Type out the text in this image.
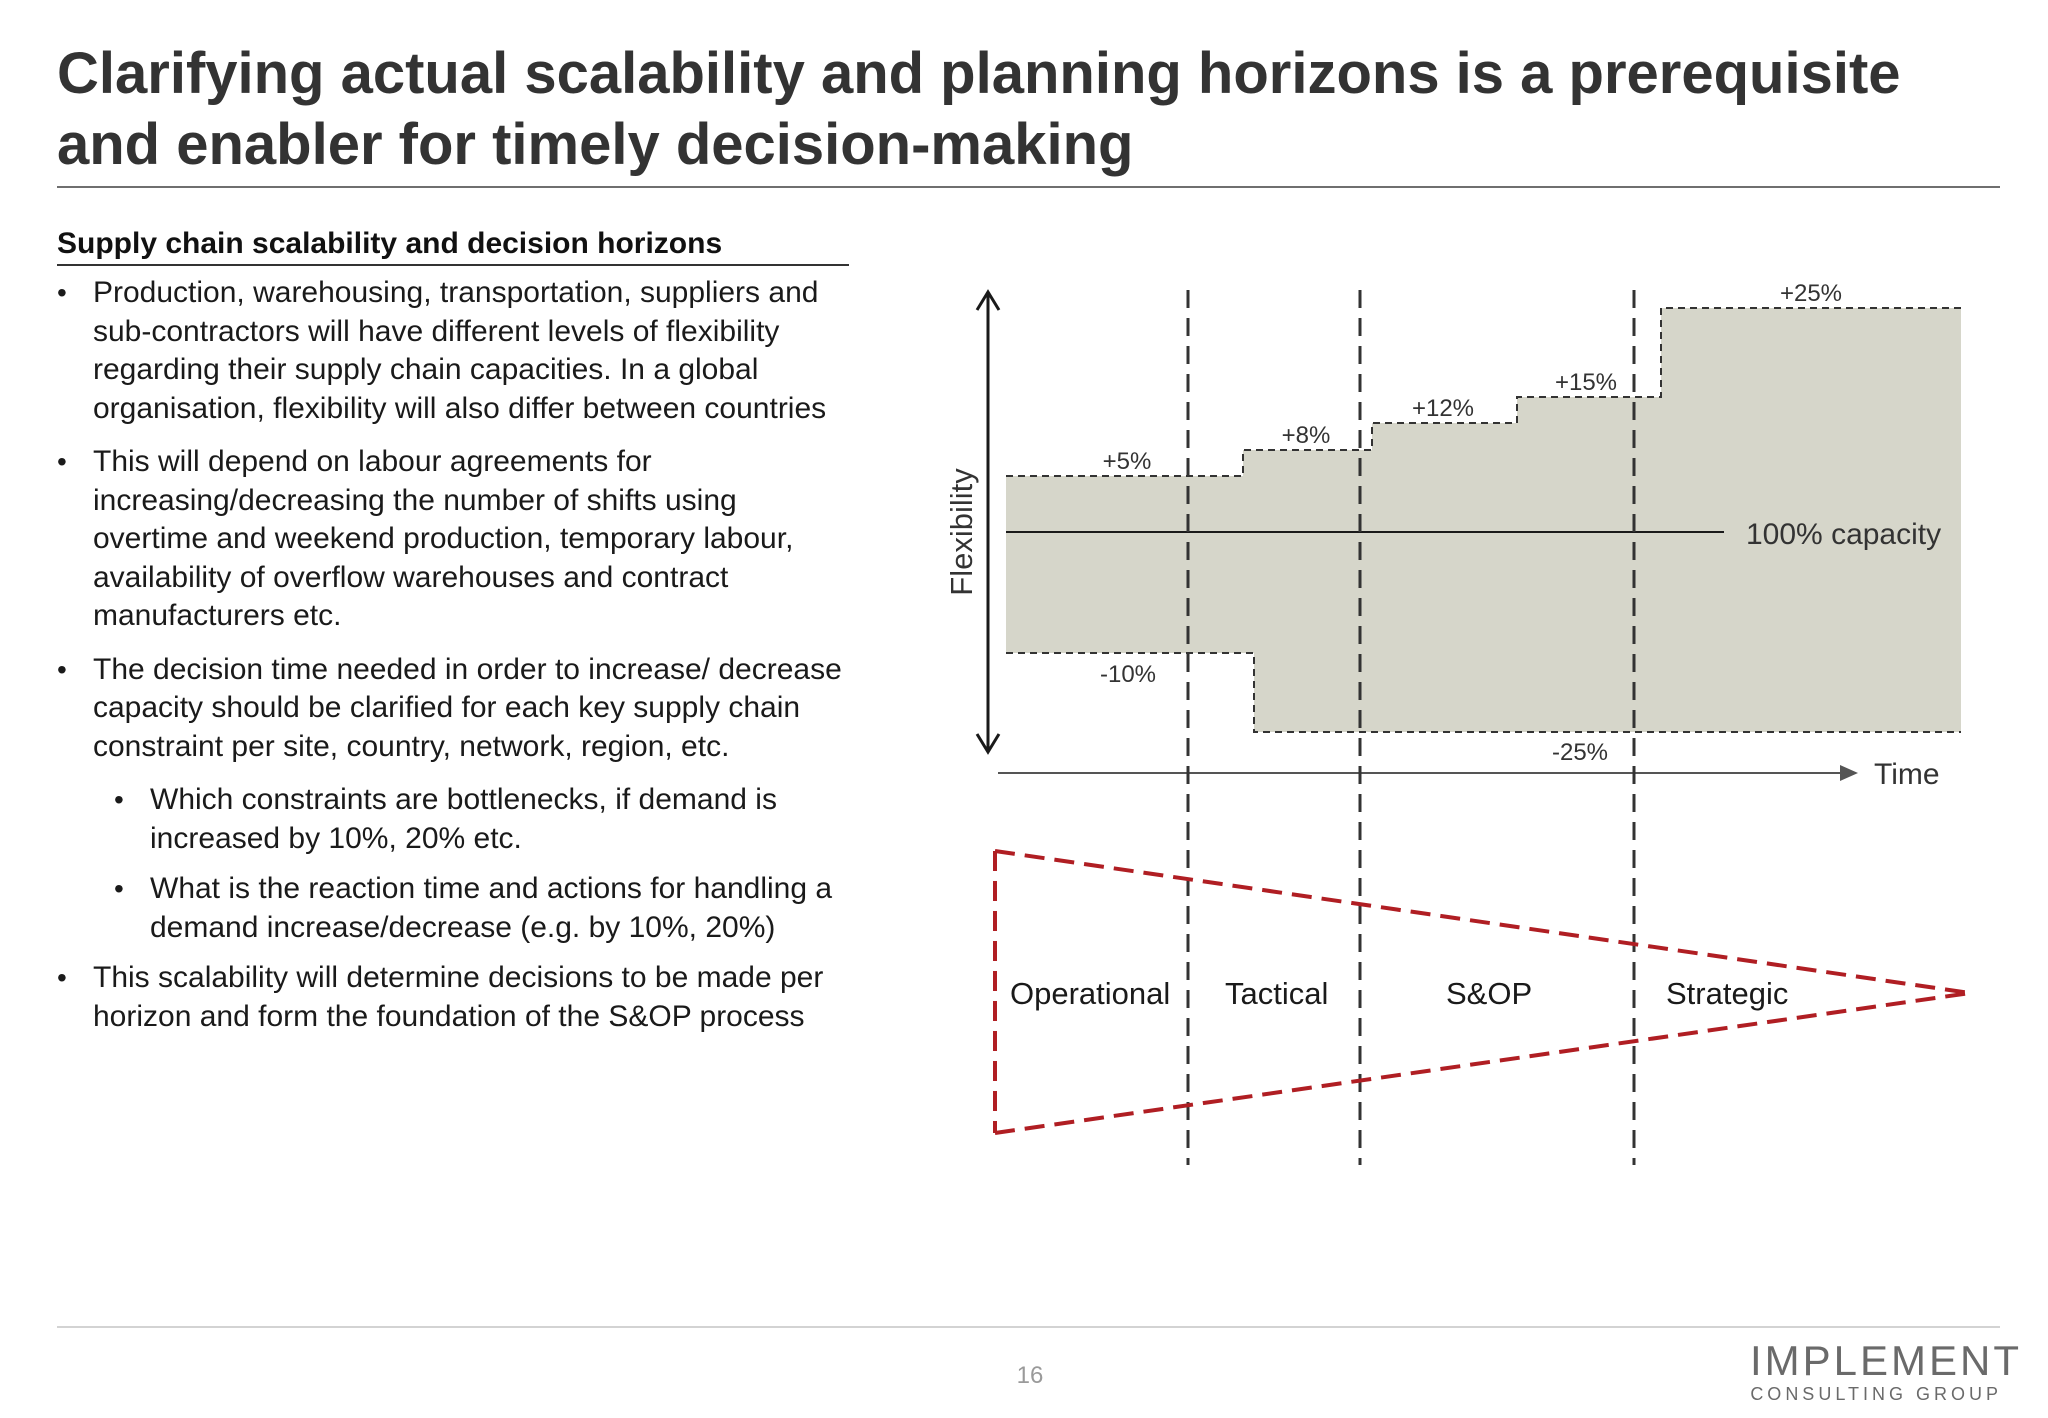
Clarifying actual scalability and planning horizons is a prerequisite and enabler for timely decision-making
Supply chain scalability and decision horizons
• Production, warehousing, transportation, suppliers and sub-contractors will have different levels of flexibility regarding their supply chain capacities. In a global organisation, flexibility will also differ between countries
• This will depend on labour agreements for increasing/decreasing the number of shifts using overtime and weekend production, temporary labour, availability of overflow warehouses and contract manufacturers etc.
• The decision time needed in order to increase/ decrease capacity should be clarified for each key supply chain constraint per site, country, network, region, etc.
• Which constraints are bottlenecks, if demand is increased by 10%, 20% etc.
• What is the reaction time and actions for handling a demand increase/decrease (e.g. by 10%, 20%)
• This scalability will determine decisions to be made per horizon and form the foundation of the S&OP process
100% capacity
Flexibility
Time
+5%
+8%
+12%
+15%
+25%
-10%
-25%
Operational Tactical	S&OP	Strategic
16	IMPLEMENT
CONSULTING GROUP
